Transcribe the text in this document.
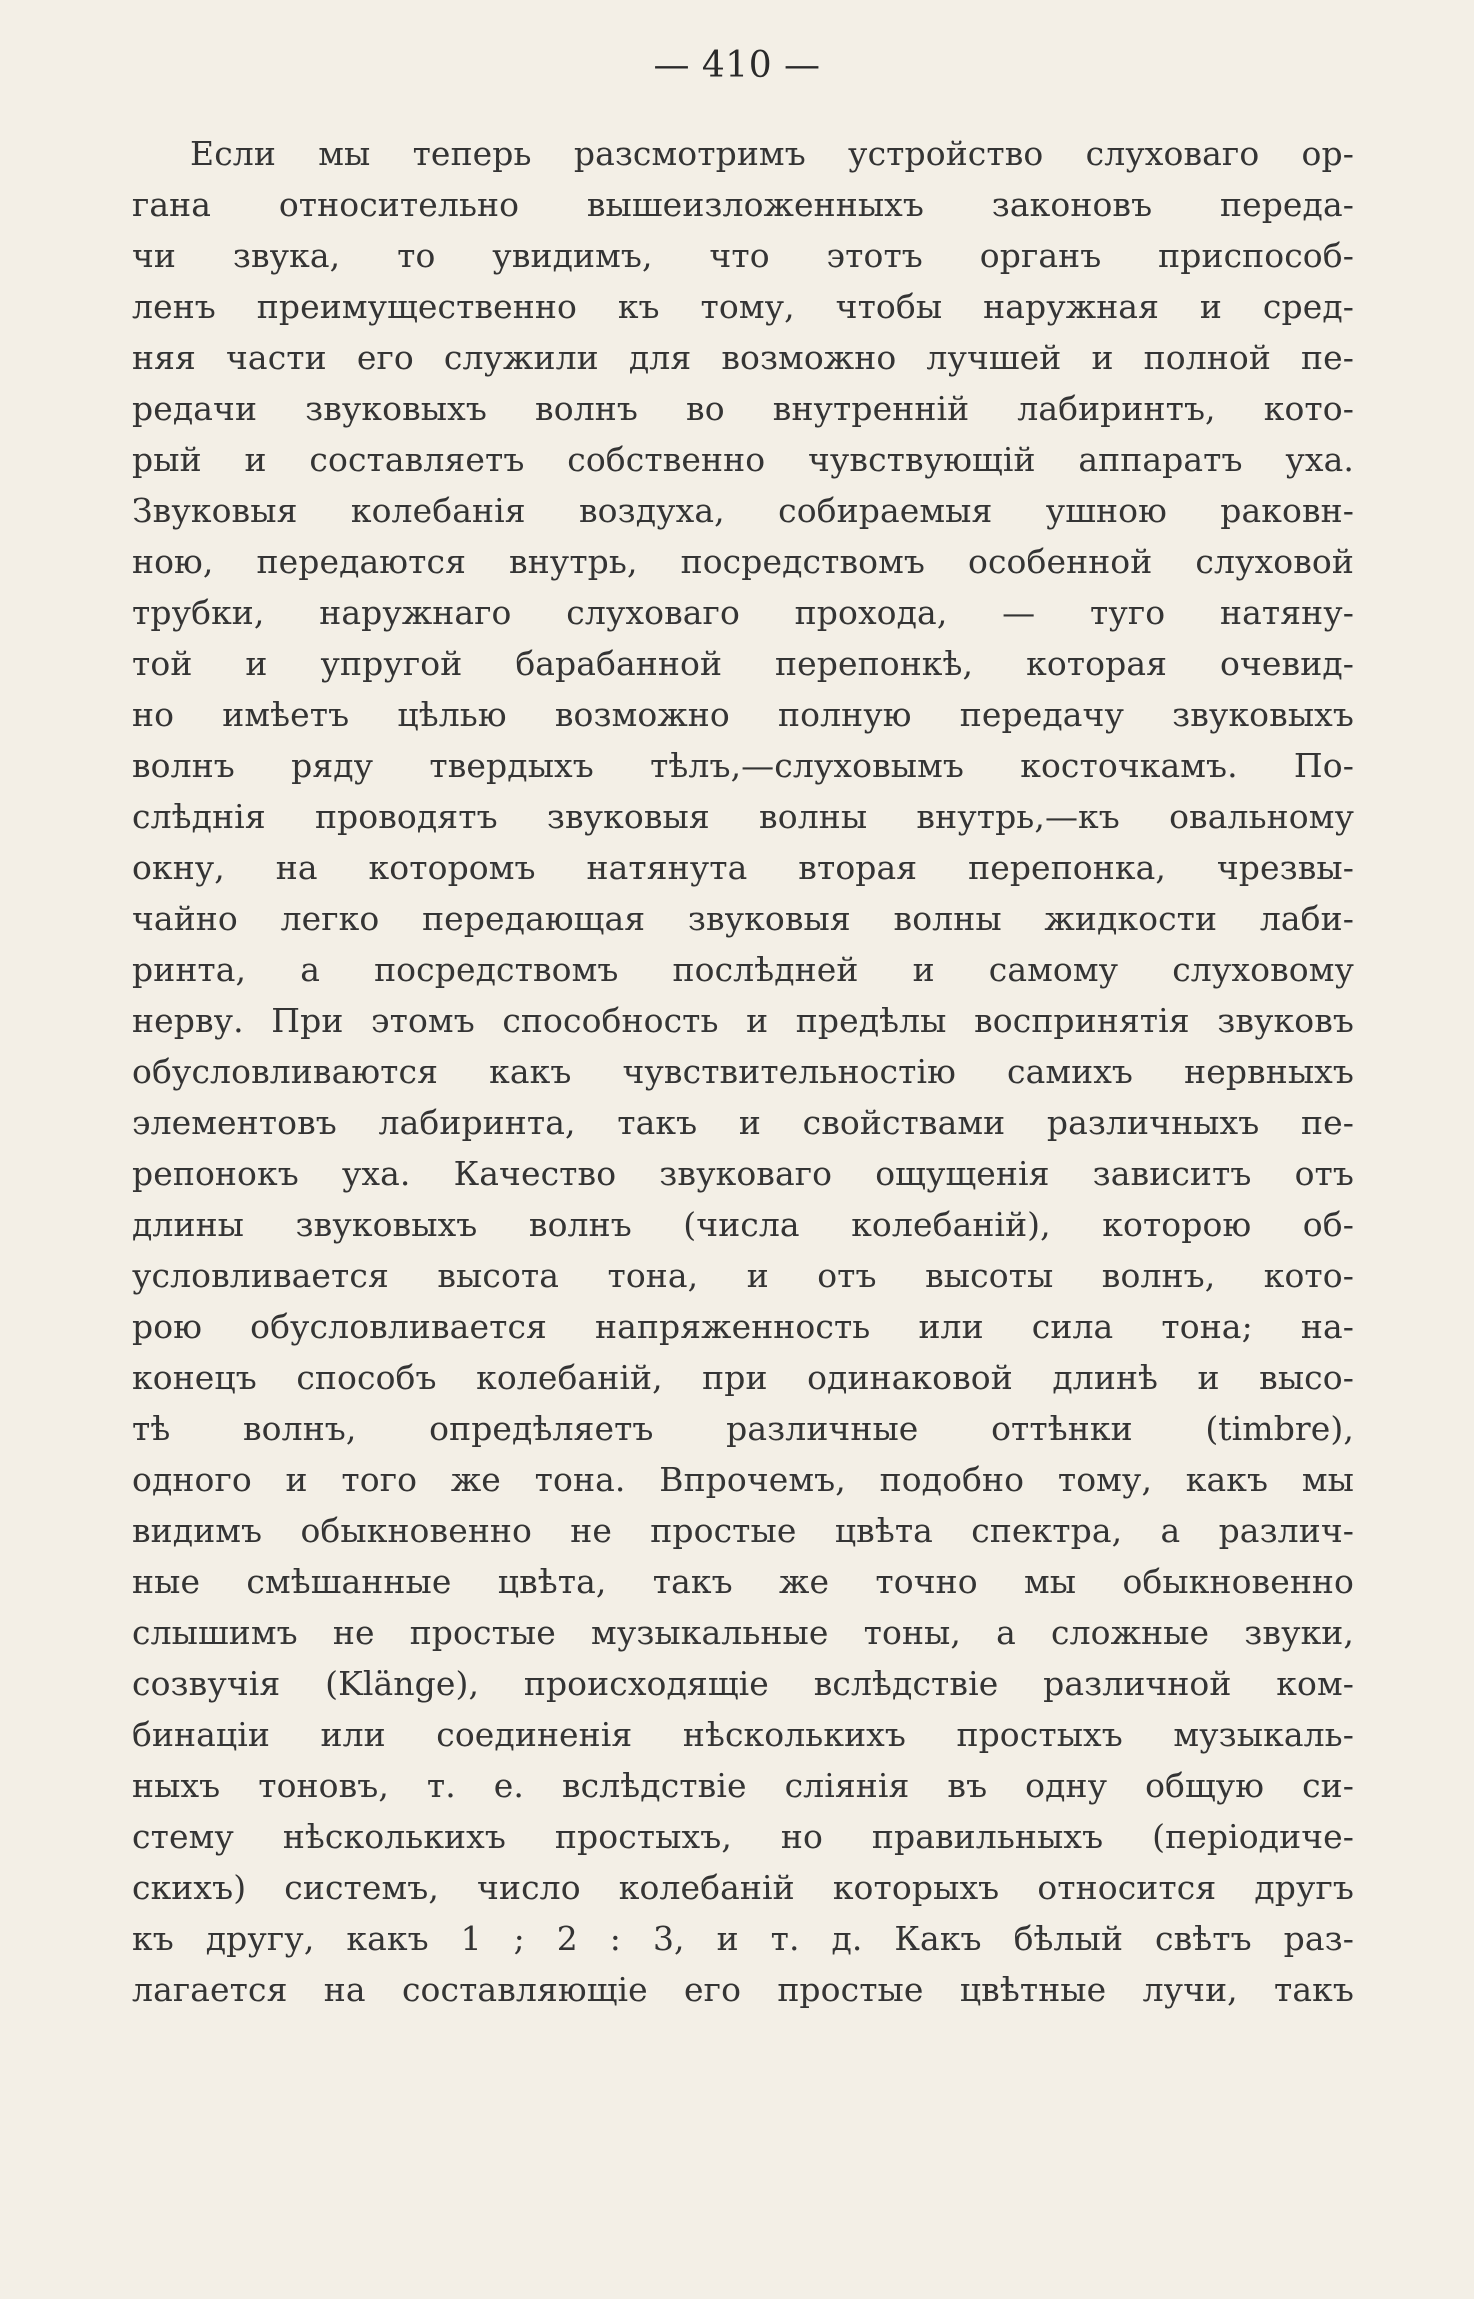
— 410 —
Если мы теперь разсмотримъ устройство слуховаго ор-
гана относительно вышеизложенныхъ законовъ переда-
чи звука, то увидимъ, что этотъ органъ приспособ-
ленъ преимущественно къ тому, чтобы наружная и сред-
няя части его служили для возможно лучшей и полной пе-
редачи звуковыхъ волнъ во внутренній лабиринтъ, кото-
рый и составляетъ собственно чувствующій аппаратъ уха.
Звуковыя колебанія воздуха, собираемыя ушною раковн-
ною, передаются внутрь, посредствомъ особенной слуховой
трубки, наружнаго слуховаго прохода, — туго натяну-
той и упругой барабанной перепонкѣ, которая очевид-
но имѣетъ цѣлью возможно полную передачу звуковыхъ
волнъ ряду твердыхъ тѣлъ,—слуховымъ косточкамъ. По-
слѣднія проводятъ звуковыя волны внутрь,—къ овальному
окну, на которомъ натянута вторая перепонка, чрезвы-
чайно легко передающая звуковыя волны жидкости лаби-
ринта, а посредствомъ послѣдней и самому слуховому
нерву. При этомъ способность и предѣлы воспринятія звуковъ
обусловливаются какъ чувствительностію самихъ нервныхъ
элементовъ лабиринта, такъ и свойствами различныхъ пе-
репонокъ уха. Качество звуковаго ощущенія зависитъ отъ
длины звуковыхъ волнъ (числа колебаній), которою об-
условливается высота тона, и отъ высоты волнъ, кото-
рою обусловливается напряженность или сила тона; на-
конецъ способъ колебаній, при одинаковой длинѣ и высо-
тѣ волнъ, опредѣляетъ различные оттѣнки (timbre),
одного и того же тона. Впрочемъ, подобно тому, какъ мы
видимъ обыкновенно не простые цвѣта спектра, а различ-
ные смѣшанные цвѣта, такъ же точно мы обыкновенно
слышимъ не простые музыкальные тоны, а сложные звуки,
созвучія (Klänge), происходящіе вслѣдствіе различной ком-
бинаціи или соединенія нѣсколькихъ простыхъ музыкаль-
ныхъ тоновъ, т. е. вслѣдствіе сліянія въ одну общую си-
стему нѣсколькихъ простыхъ, но правильныхъ (періодиче-
скихъ) системъ, число колебаній которыхъ относится другъ
къ другу, какъ 1 ; 2 : 3, и т. д. Какъ бѣлый свѣтъ раз-
лагается на составляющіе его простые цвѣтные лучи, такъ
